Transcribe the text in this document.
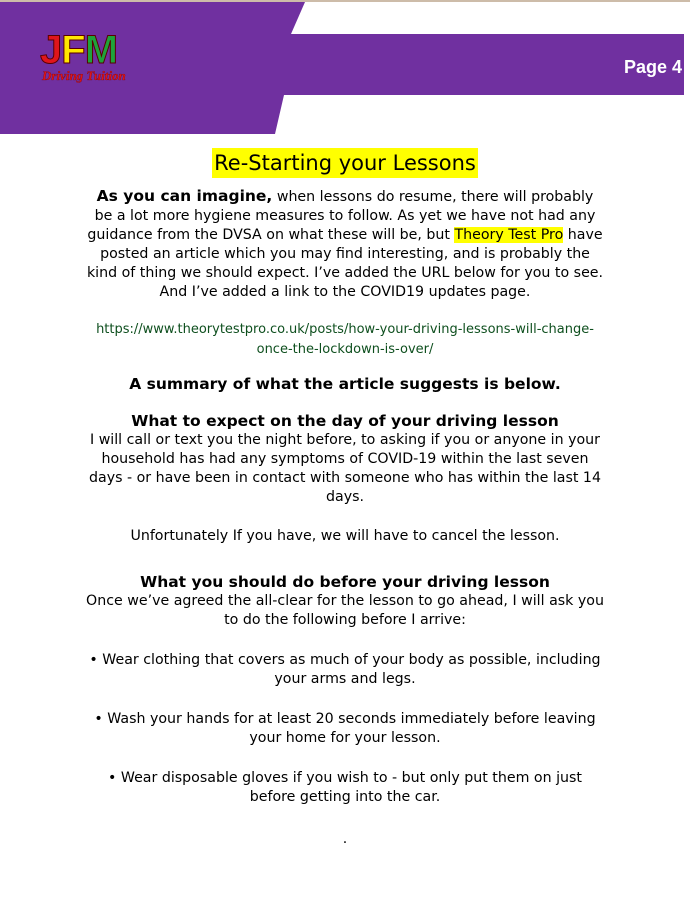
JFM
Driving Tuition	Page 4
Re-Starting your Lessons

As you can imagine, when lessons do resume, there will probably be a lot more hygiene measures to follow. As yet we have not had any guidance from the DVSA on what these will be, but Theory Test Pro have posted an article which you may find interesting, and is probably the kind of thing we should expect. I’ve added the URL below for you to see. And I’ve added a link to the COVID19 updates page.

https://www.theorytestpro.co.uk/posts/how-your-driving-lessons-will-change-once-the-lockdown-is-over/

A summary of what the article suggests is below.

What to expect on the day of your driving lesson

I will call or text you the night before, to asking if you or anyone in your household has had any symptoms of COVID-19 within the last seven days - or have been in contact with someone who has within the last 14 days.

Unfortunately If you have, we will have to cancel the lesson.

What you should do before your driving lesson

Once we’ve agreed the all-clear for the lesson to go ahead, I will ask you to do the following before I arrive:

• Wear clothing that covers as much of your body as possible, including your arms and legs.

• Wash your hands for at least 20 seconds immediately before leaving your home for your lesson.

• Wear disposable gloves if you wish to - but only put them on just before getting into the car.

.
